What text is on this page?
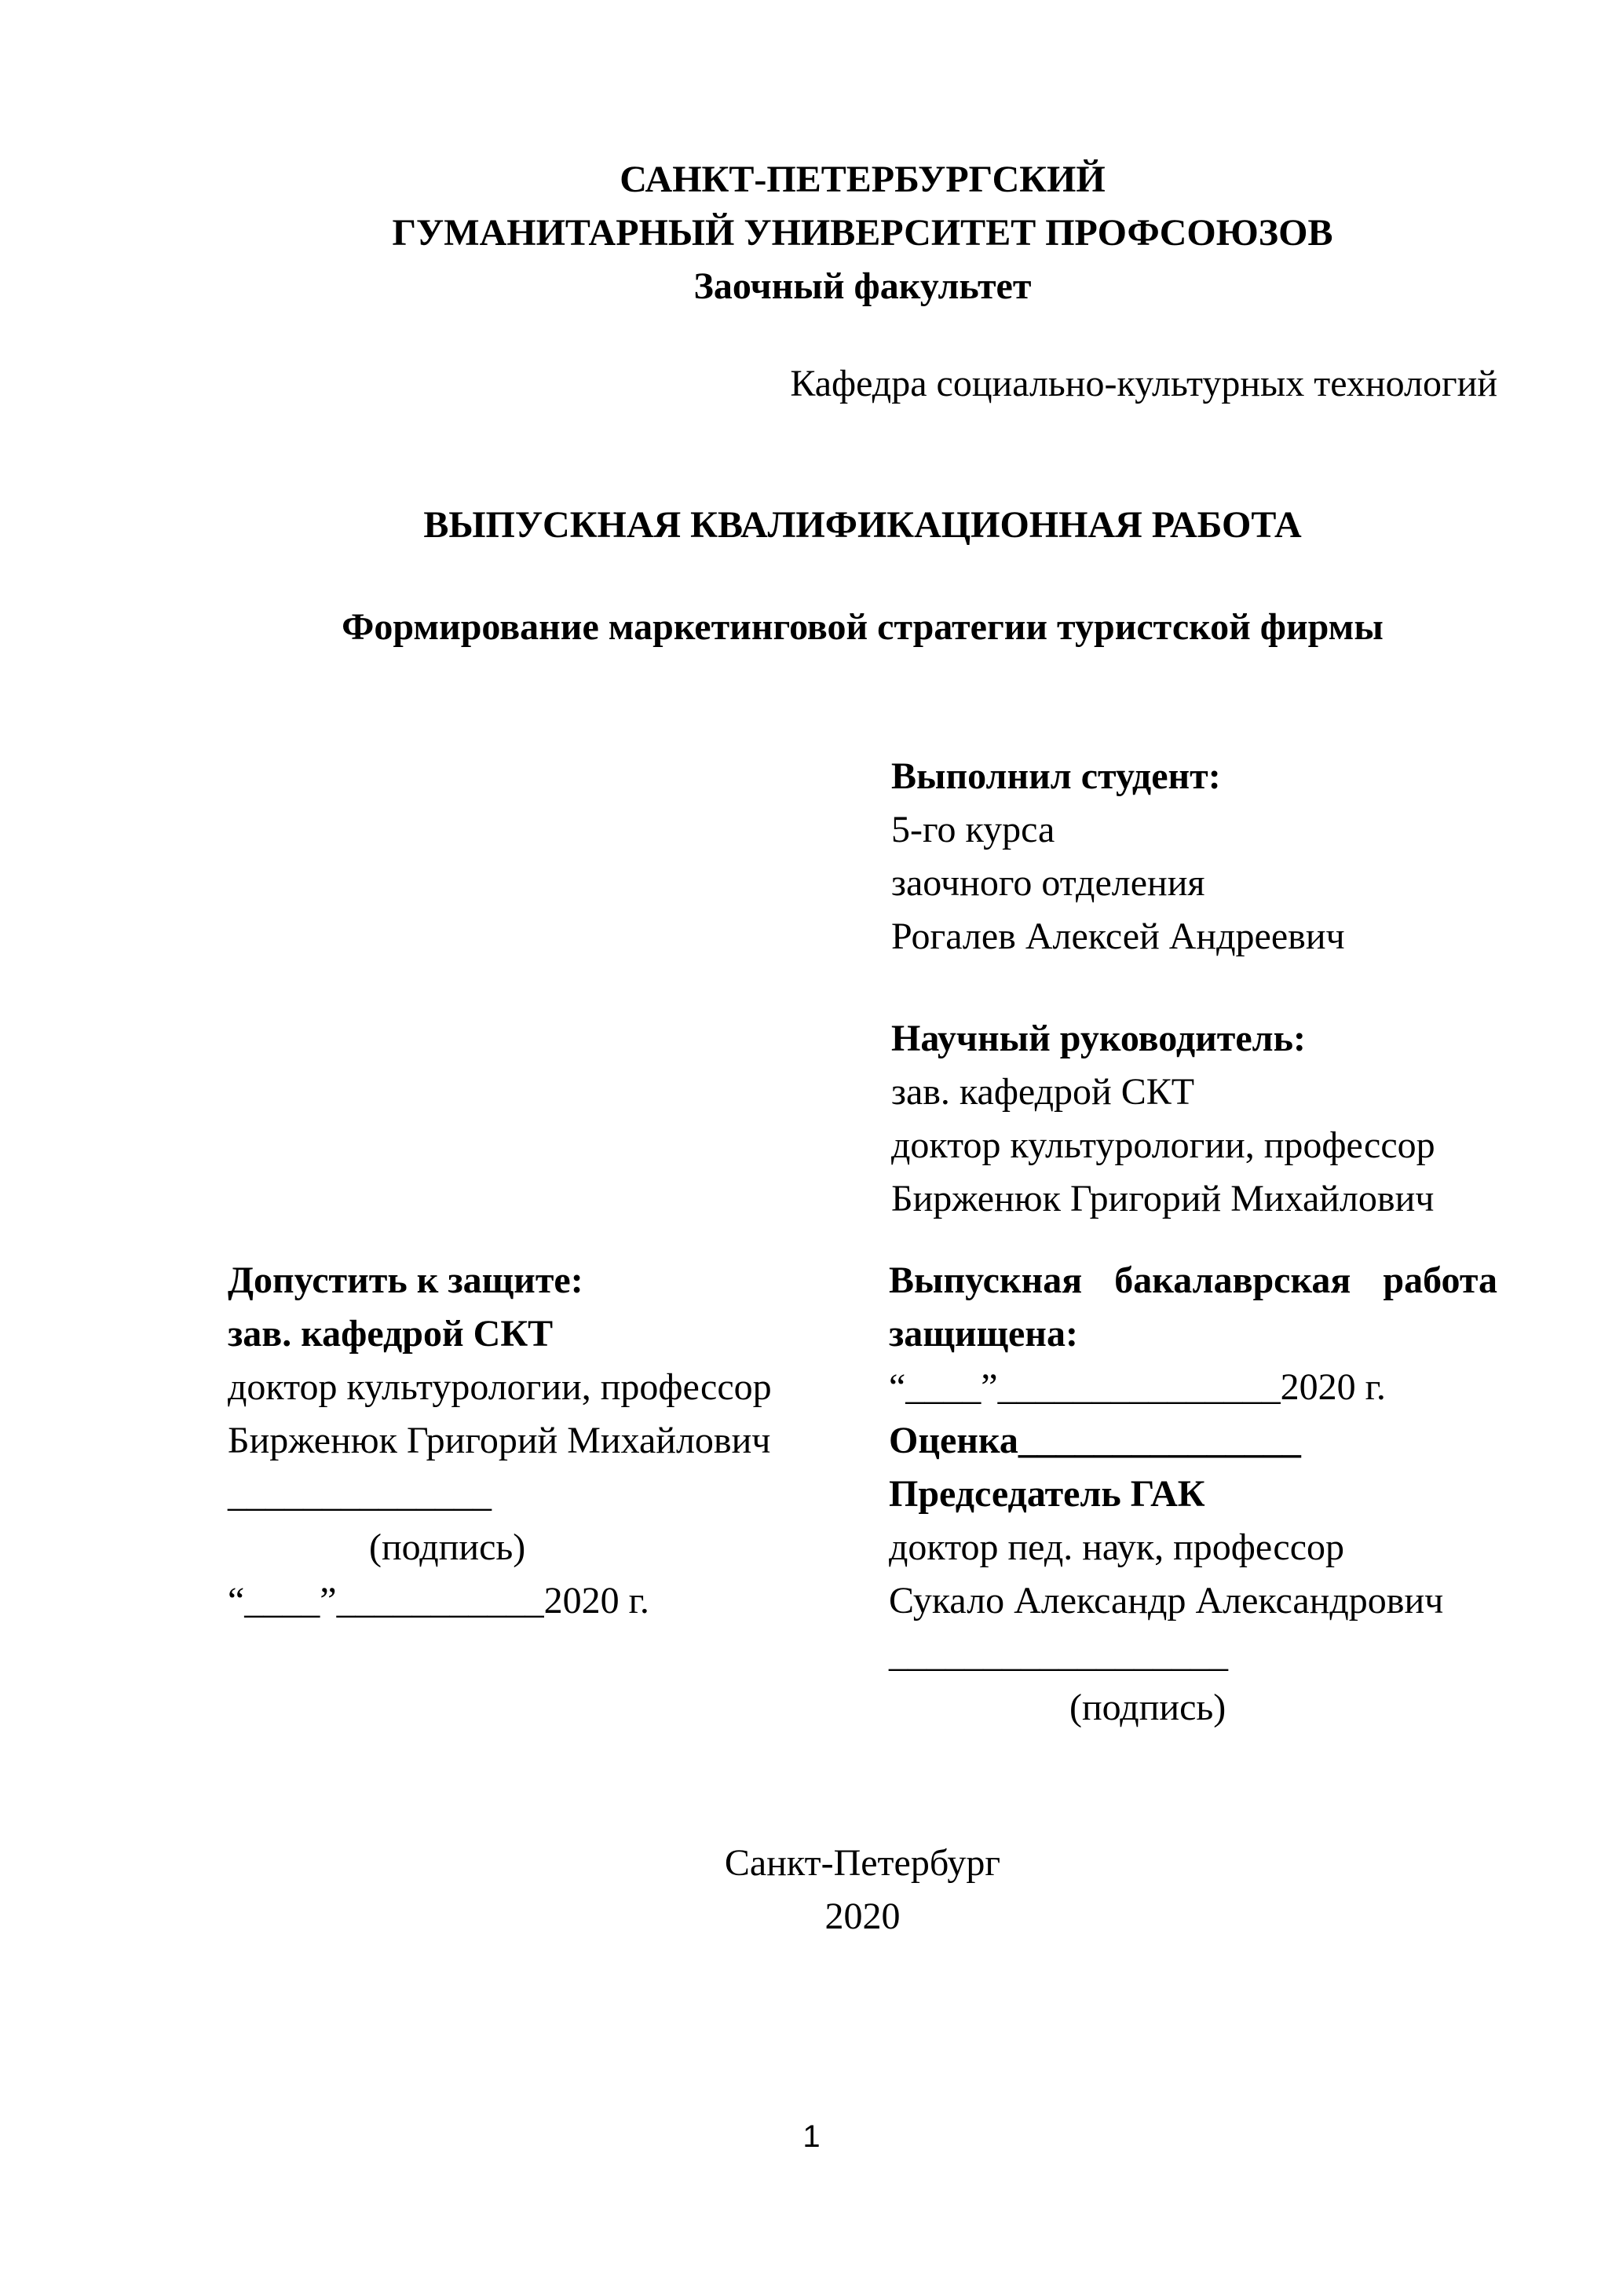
САНКТ-ПЕТЕРБУРГСКИЙ
ГУМАНИТАРНЫЙ УНИВЕРСИТЕТ ПРОФСОЮЗОВ
Заочный факультет
Кафедра социально-культурных технологий
ВЫПУСКНАЯ КВАЛИФИКАЦИОННАЯ РАБОТА
Формирование маркетинговой стратегии туристской фирмы
Выполнил студент:
5-го курса
заочного отделения
Рогалев Алексей Андреевич
Научный руководитель:
зав. кафедрой СКТ
доктор культурологии, профессор
Бирженюк Григорий Михайлович
Допустить к защите:
зав. кафедрой СКТ
доктор культурологии, профессор
Бирженюк Григорий Михайлович
______________
(подпись)
“____”___________2020 г.
Выпускная бакалаврская работа
защищена:
“____”_______________2020 г.
Оценка_______________
Председатель ГАК
доктор пед. наук, профессор
Сукало Александр Александрович
__________________
(подпись)
Санкт-Петербург
2020
1
